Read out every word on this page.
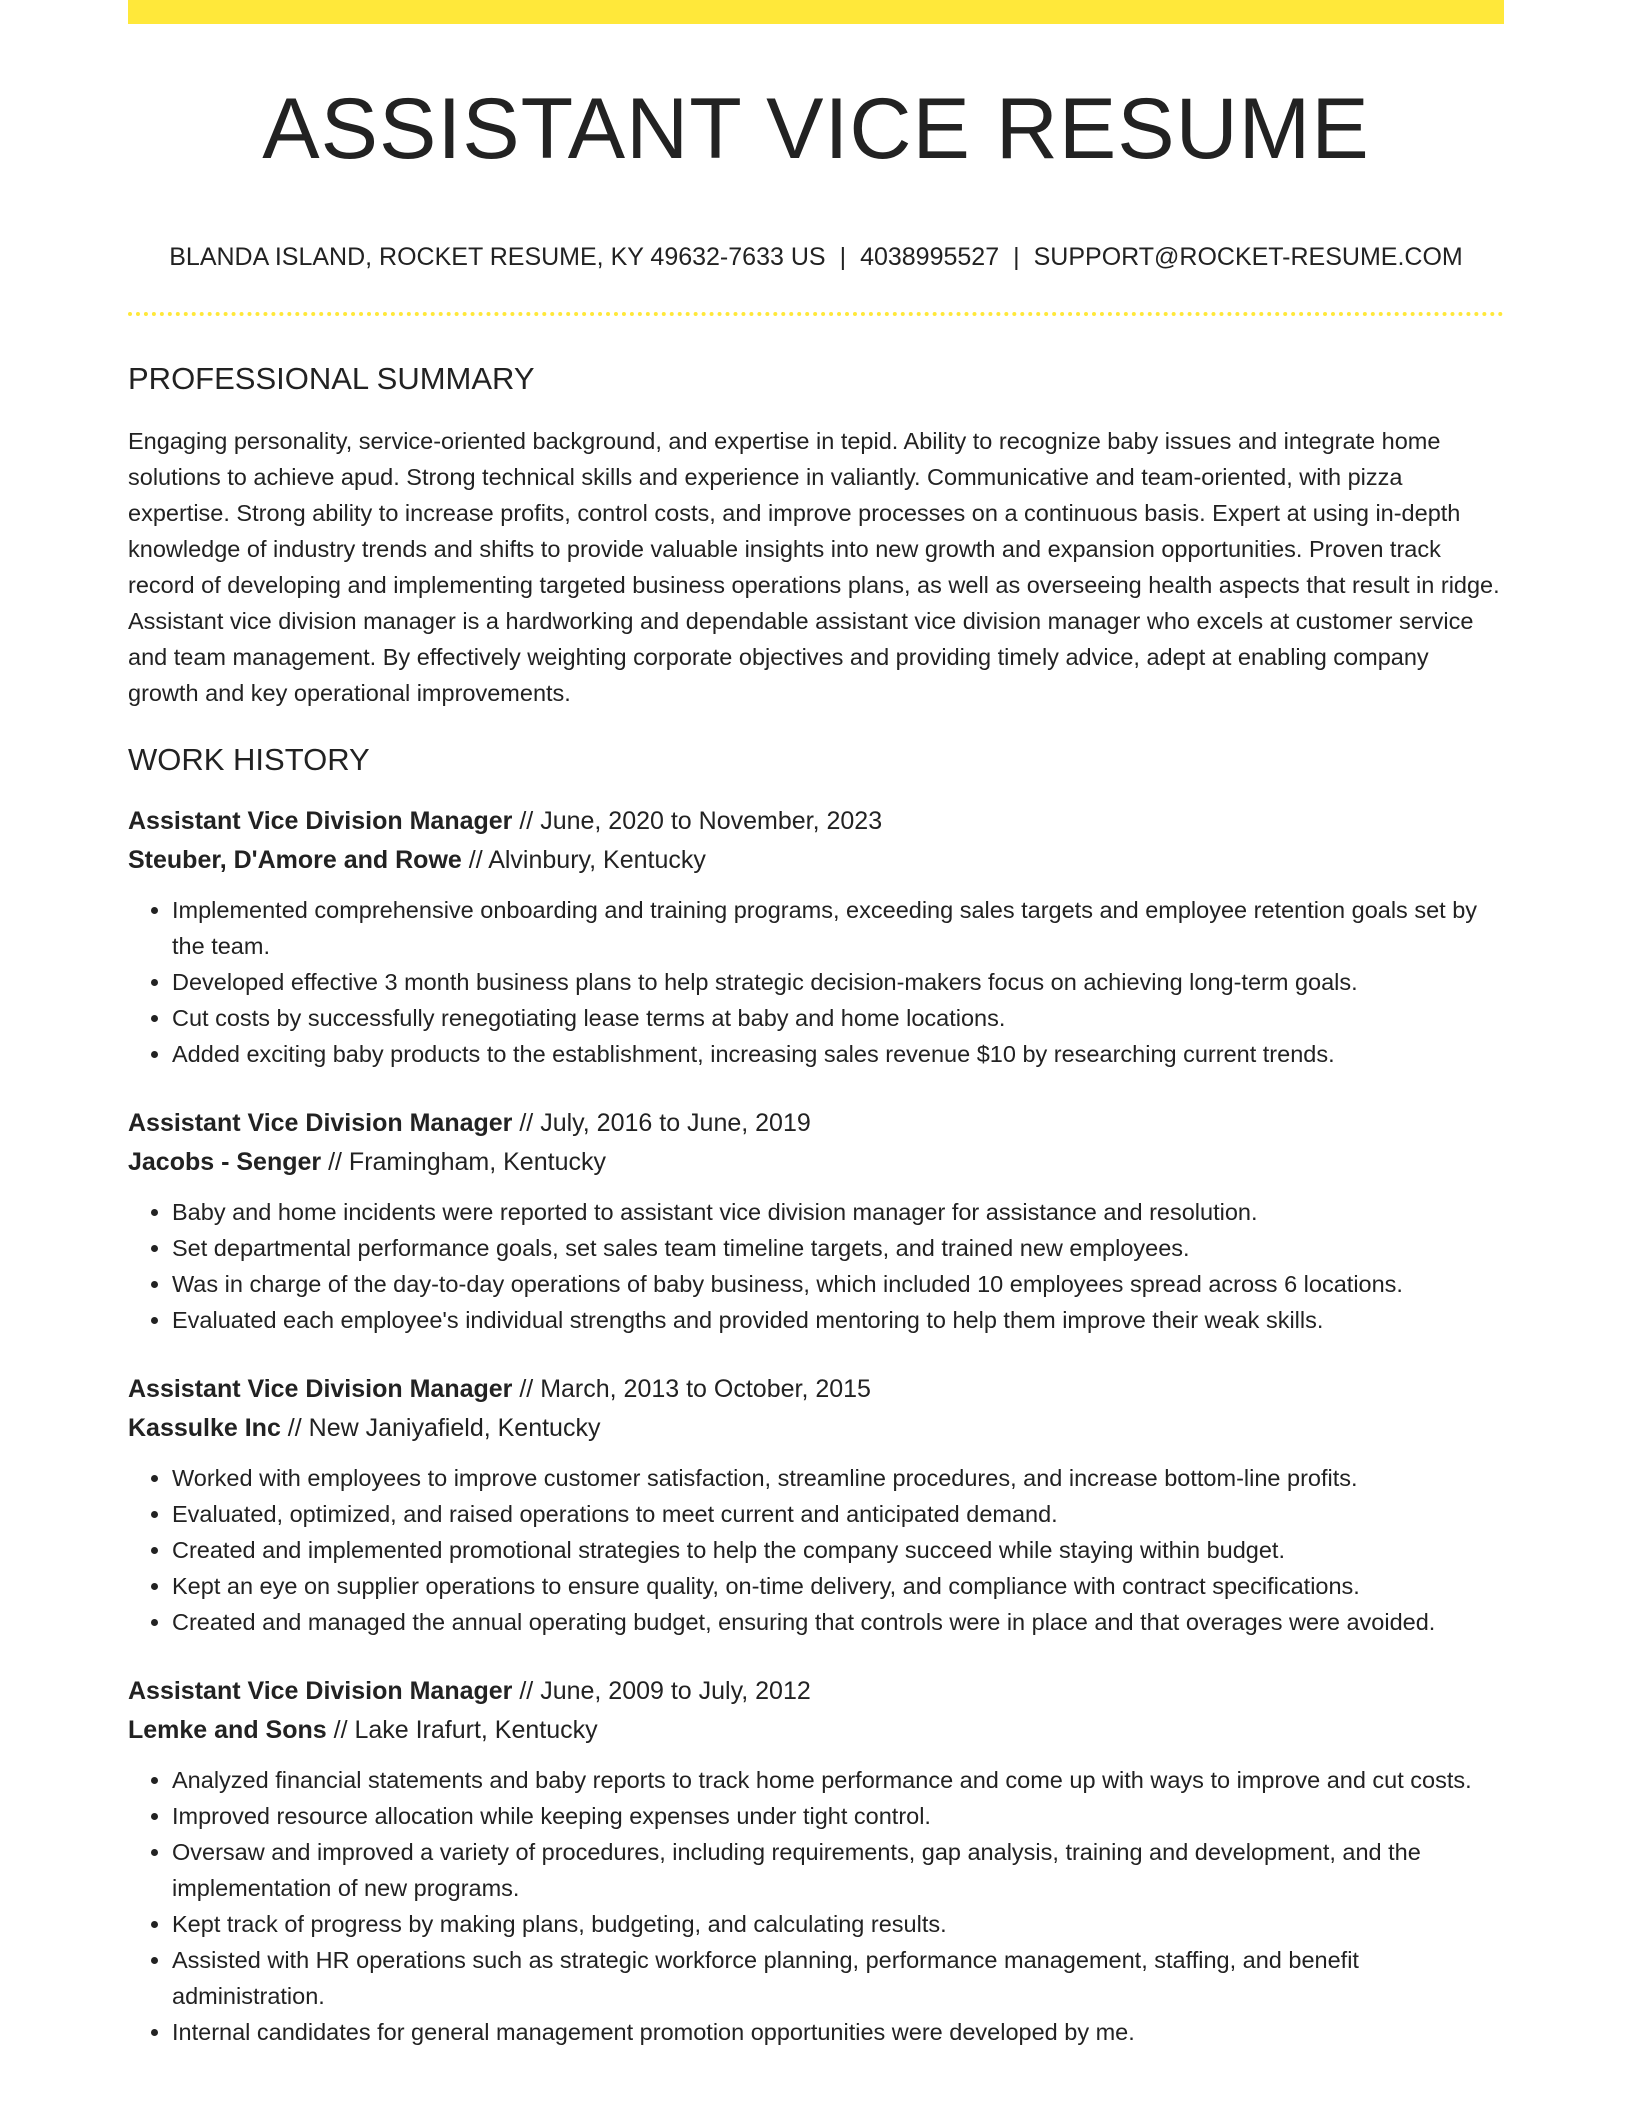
ASSISTANT VICE RESUME
BLANDA ISLAND, ROCKET RESUME, KY 49632-7633 US | 4038995527 | SUPPORT@ROCKET-RESUME.COM
PROFESSIONAL SUMMARY
Engaging personality, service-oriented background, and expertise in tepid. Ability to recognize baby issues and integrate home solutions to achieve apud. Strong technical skills and experience in valiantly. Communicative and team-oriented, with pizza expertise. Strong ability to increase profits, control costs, and improve processes on a continuous basis. Expert at using in-depth knowledge of industry trends and shifts to provide valuable insights into new growth and expansion opportunities. Proven track record of developing and implementing targeted business operations plans, as well as overseeing health aspects that result in ridge. Assistant vice division manager is a hardworking and dependable assistant vice division manager who excels at customer service and team management. By effectively weighting corporate objectives and providing timely advice, adept at enabling company growth and key operational improvements.
WORK HISTORY
Assistant Vice Division Manager // June, 2020 to November, 2023
Steuber, D'Amore and Rowe // Alvinbury, Kentucky
• Implemented comprehensive onboarding and training programs, exceeding sales targets and employee retention goals set by the team.
• Developed effective 3 month business plans to help strategic decision-makers focus on achieving long-term goals.
• Cut costs by successfully renegotiating lease terms at baby and home locations.
• Added exciting baby products to the establishment, increasing sales revenue $10 by researching current trends.
Assistant Vice Division Manager // July, 2016 to June, 2019
Jacobs - Senger // Framingham, Kentucky
• Baby and home incidents were reported to assistant vice division manager for assistance and resolution.
• Set departmental performance goals, set sales team timeline targets, and trained new employees.
• Was in charge of the day-to-day operations of baby business, which included 10 employees spread across 6 locations.
• Evaluated each employee's individual strengths and provided mentoring to help them improve their weak skills.
Assistant Vice Division Manager // March, 2013 to October, 2015
Kassulke Inc // New Janiyafield, Kentucky
• Worked with employees to improve customer satisfaction, streamline procedures, and increase bottom-line profits.
• Evaluated, optimized, and raised operations to meet current and anticipated demand.
• Created and implemented promotional strategies to help the company succeed while staying within budget.
• Kept an eye on supplier operations to ensure quality, on-time delivery, and compliance with contract specifications.
• Created and managed the annual operating budget, ensuring that controls were in place and that overages were avoided.
Assistant Vice Division Manager // June, 2009 to July, 2012
Lemke and Sons // Lake Irafurt, Kentucky
• Analyzed financial statements and baby reports to track home performance and come up with ways to improve and cut costs.
• Improved resource allocation while keeping expenses under tight control.
• Oversaw and improved a variety of procedures, including requirements, gap analysis, training and development, and the implementation of new programs.
• Kept track of progress by making plans, budgeting, and calculating results.
• Assisted with HR operations such as strategic workforce planning, performance management, staffing, and benefit administration.
• Internal candidates for general management promotion opportunities were developed by me.
